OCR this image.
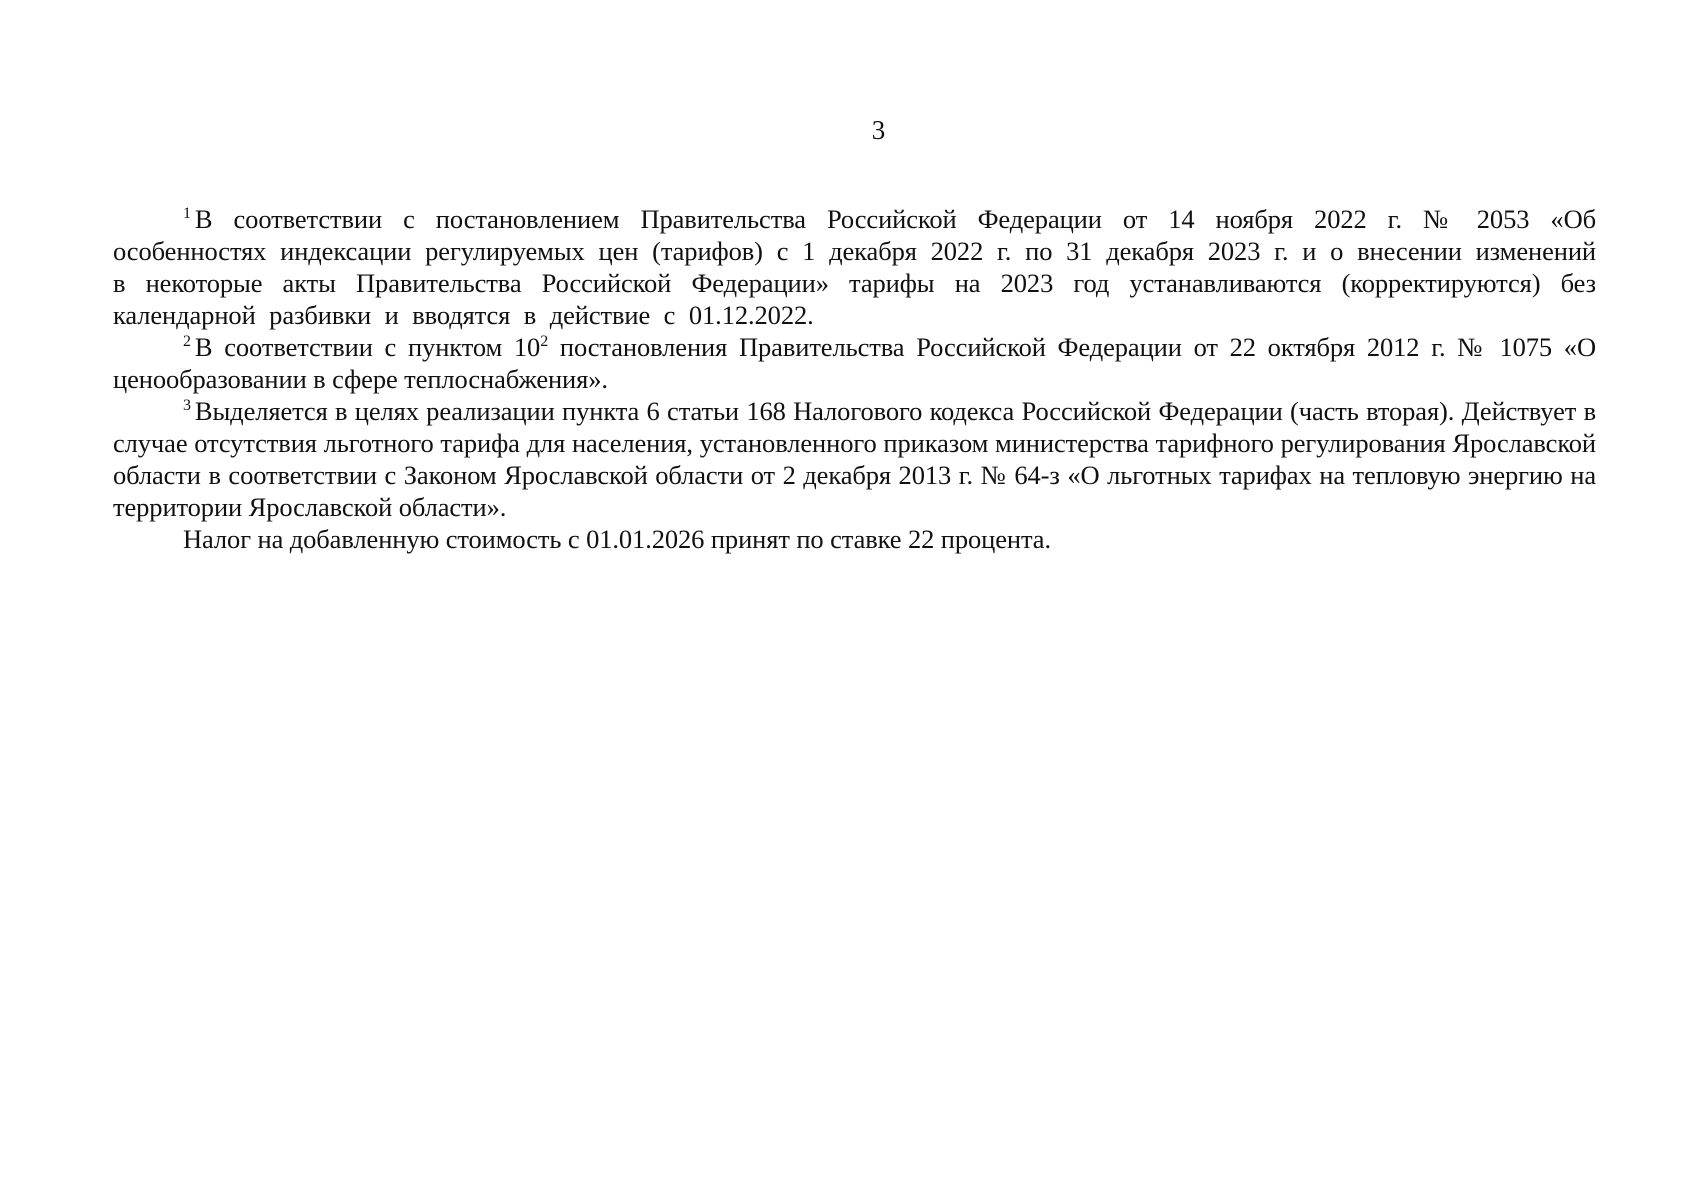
3

$^1$ В соответствии с постановлением Правительства Российской Федерации от 14 ноября 2022 г. № 2053 «Об особенностях индексации регулируемых цен (тарифов) с 1 декабря 2022 г. по 31 декабря 2023 г. и о внесении изменений в некоторые акты Правительства Российской Федерации» тарифы на 2023 год устанавливаются (корректируются) без календарной разбивки и вводятся в действие с 01.12.2022.

$^2$ В соответствии с пунктом $10^2$ постановления Правительства Российской Федерации от 22 октября 2012 г. № 1075 «О ценообразовании в сфере теплоснабжения».

$^3$ Выделяется в целях реализации пункта 6 статьи 168 Налогового кодекса Российской Федерации (часть вторая). Действует в случае отсутствия льготного тарифа для населения, установленного приказом министерства тарифного регулирования Ярославской области в соответствии с Законом Ярославской области от 2 декабря 2013 г. № 64-з «О льготных тарифах на тепловую энергию на территории Ярославской области».

Налог на добавленную стоимость с 01.01.2026 принят по ставке 22 процента.
